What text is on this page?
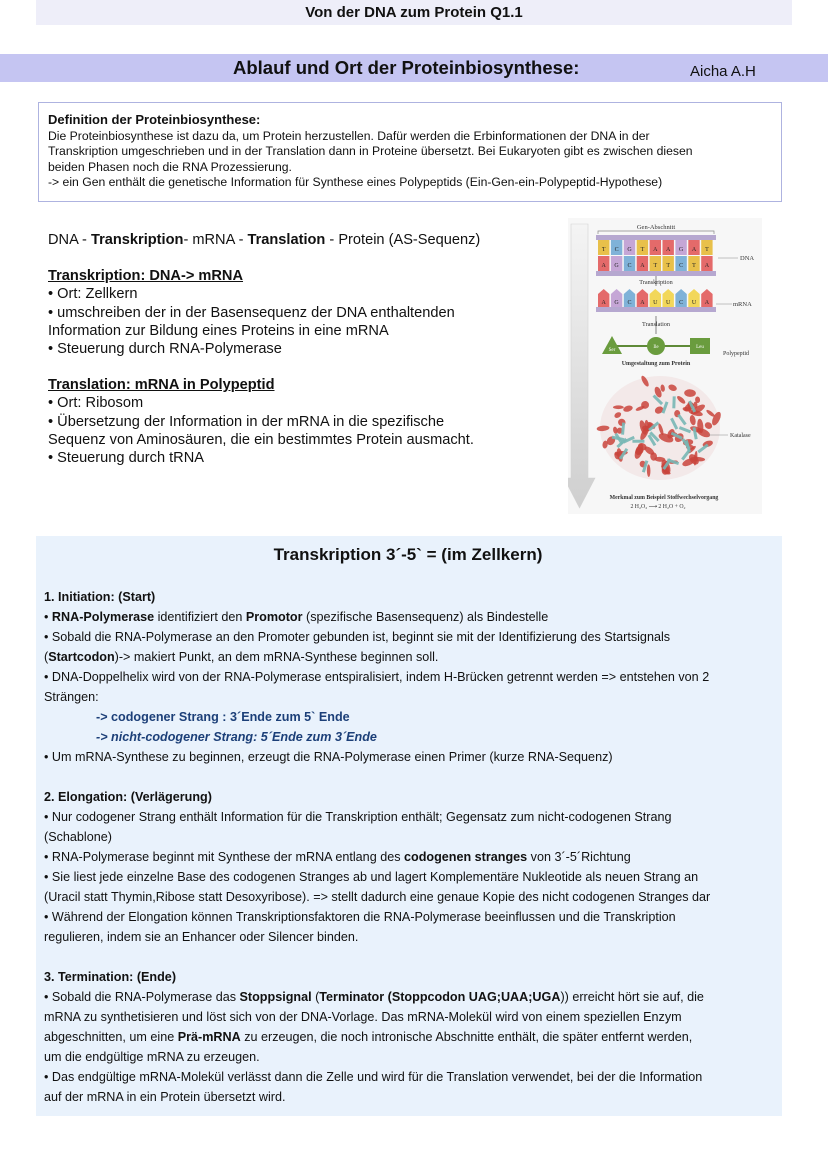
Von der DNA zum Protein Q1.1
Ablauf und Ort der Proteinbiosynthese:	Aicha A.H
Definition der Proteinbiosynthese:
Die Proteinbiosynthese ist dazu da, um Protein herzustellen. Dafür werden die Erbinformationen der DNA in der
Transkription umgeschrieben und in der Translation dann in Proteine übersetzt. Bei Eukaryoten gibt es zwischen diesen
beiden Phasen noch die RNA Prozessierung.
-> ein Gen enthält die genetische Information für Synthese eines Polypeptids (Ein-Gen-ein-Polypeptid-Hypothese)

DNA - Transkription- mRNA - Translation - Protein (AS-Sequenz)

Transkription: DNA-> mRNA

• Ort: Zellkern

• umschreiben der in der Basensequenz der DNA enthaltenden

Information zur Bildung eines Proteins in eine mRNA

• Steuerung durch RNA-Polymerase

Translation: mRNA in Polypeptid

• Ort: Ribosom

• Übersetzung der Information in der mRNA in die spezifische

Sequenz von Aminosäuren, die ein bestimmtes Protein ausmacht.

• Steuerung durch tRNA

Gen-Abschnitt
T C G T A A G A T
A G C A T T C T A
DNA
Transkription
A G C A U U C U A	mRNA
Translation
Ser
Ile	Leu
Polypeptid
Umgestaltung zum Protein
Katalase
Merkmal zum Beispiel Stoffwechselvorgang
2 H₂O₂ ⟶ 2 H₂O + O₂
Transkription 3´-5` = (im Zellkern)

1. Initiation: (Start)

• RNA-Polymerase identifiziert den Promotor (spezifische Basensequenz) als Bindestelle

• Sobald die RNA-Polymerase an den Promoter gebunden ist, beginnt sie mit der Identifizierung des Startsignals

(Startcodon)-> makiert Punkt, an dem mRNA-Synthese beginnen soll.

• DNA-Doppelhelix wird von der RNA-Polymerase entspiralisiert, indem H-Brücken getrennt werden => entstehen von 2

Strängen:

-> codogener Strang : 3´Ende zum 5` Ende

-> nicht-codogener Strang: 5´Ende zum 3´Ende

• Um mRNA-Synthese zu beginnen, erzeugt die RNA-Polymerase einen Primer (kurze RNA-Sequenz)

2. Elongation: (Verlägerung)

• Nur codogener Strang enthält Information für die Transkription enthält; Gegensatz zum nicht-codogenen Strang

(Schablone)

• RNA-Polymerase beginnt mit Synthese der mRNA entlang des codogenen stranges von 3´-5´Richtung

• Sie liest jede einzelne Base des codogenen Stranges ab und lagert Komplementäre Nukleotide als neuen Strang an

(Uracil statt Thymin,Ribose statt Desoxyribose). => stellt dadurch eine genaue Kopie des nicht codogenen Stranges dar

• Während der Elongation können Transkriptionsfaktoren die RNA-Polymerase beeinflussen und die Transkription

regulieren, indem sie an Enhancer oder Silencer binden.

3. Termination: (Ende)

• Sobald die RNA-Polymerase das Stoppsignal (Terminator (Stoppcodon UAG;UAA;UGA)) erreicht hört sie auf, die

mRNA zu synthetisieren und löst sich von der DNA-Vorlage. Das mRNA-Molekül wird von einem speziellen Enzym

abgeschnitten, um eine Prä-mRNA zu erzeugen, die noch intronische Abschnitte enthält, die später entfernt werden,

um die endgültige mRNA zu erzeugen.

• Das endgültige mRNA-Molekül verlässt dann die Zelle und wird für die Translation verwendet, bei der die Information

auf der mRNA in ein Protein übersetzt wird.
